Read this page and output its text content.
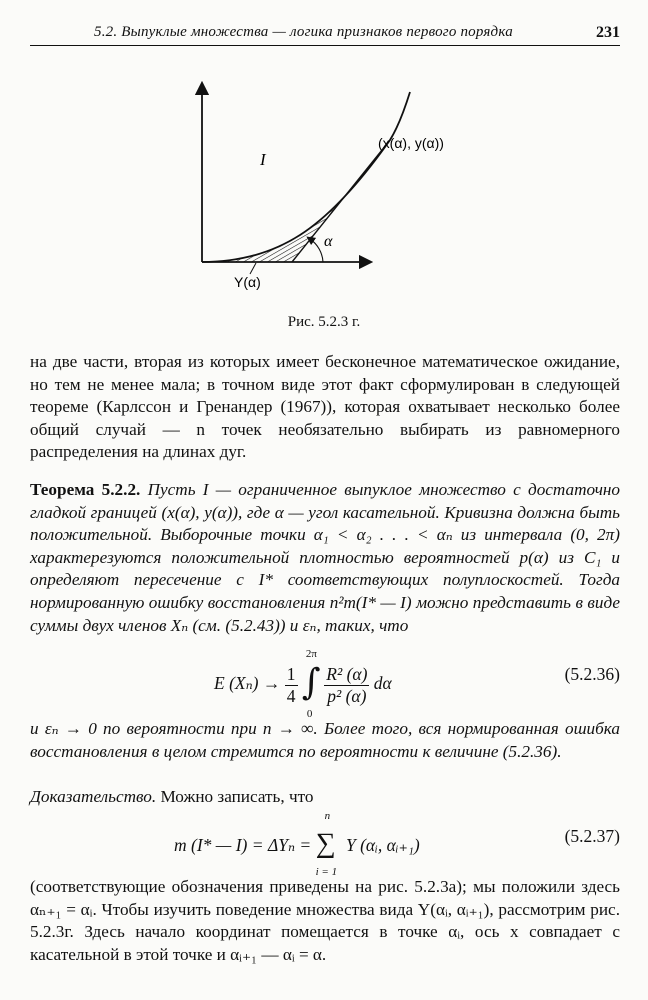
5.2. Выпуклые множества — логика признаков первого порядка	231
I
(x(α), y(α))
α
Y(α)
Рис. 5.2.3 г.

на две части, вторая из которых имеет бесконечное математическое ожидание, но тем не менее мала; в точном виде этот факт сформулирован в следующей теореме (Карлссон и Гренандер (1967)), которая охватывает несколько более общий случай — n точек необязательно выбирать из равномерного распределения на длинах дуг.

Теорема 5.2.2. Пусть I — ограниченное выпуклое множество с достаточно гладкой границей (x(α), y(α)), где α — угол касательной. Кривизна должна быть положительной. Выборочные точки α₁ < α₂ . . . < αₙ из интервала (0, 2π) характерезуются положительной плотностью вероятностей p(α) из C₁ и определяют пересечение с I* соответствующих полуплоскостей. Тогда нормированную ошибку восстановления n²m(I* — I) можно представить в виде суммы двух членов Xₙ (см. (5.2.43)) и εₙ, таких, что

E $(X_n) \to \frac{1}{4}$

2π
∫
0

$\frac{\text{R² (α)}}{\text{p² (α)}}$ dα	(5.2.36)

и εₙ → 0 по вероятности при n → ∞. Более того, вся нормированная ошибка восстановления в целом стремится по вероятности к величине (5.2.36).

Доказательство. Можно записать, что

m (I* — I) = ΔYₙ =
n
∑
i = 1
Y (αᵢ, αᵢ₊₁)	(5.2.37)

(соответствующие обозначения приведены на рис. 5.2.3а); мы положили здесь αₙ₊₁ = αᵢ. Чтобы изучить поведение множества вида Y(αᵢ, αᵢ₊₁), рассмотрим рис. 5.2.3г. Здесь начало координат помещается в точке αᵢ, ось x совпадает с касательной в этой точке и αᵢ₊₁ — αᵢ = α.
